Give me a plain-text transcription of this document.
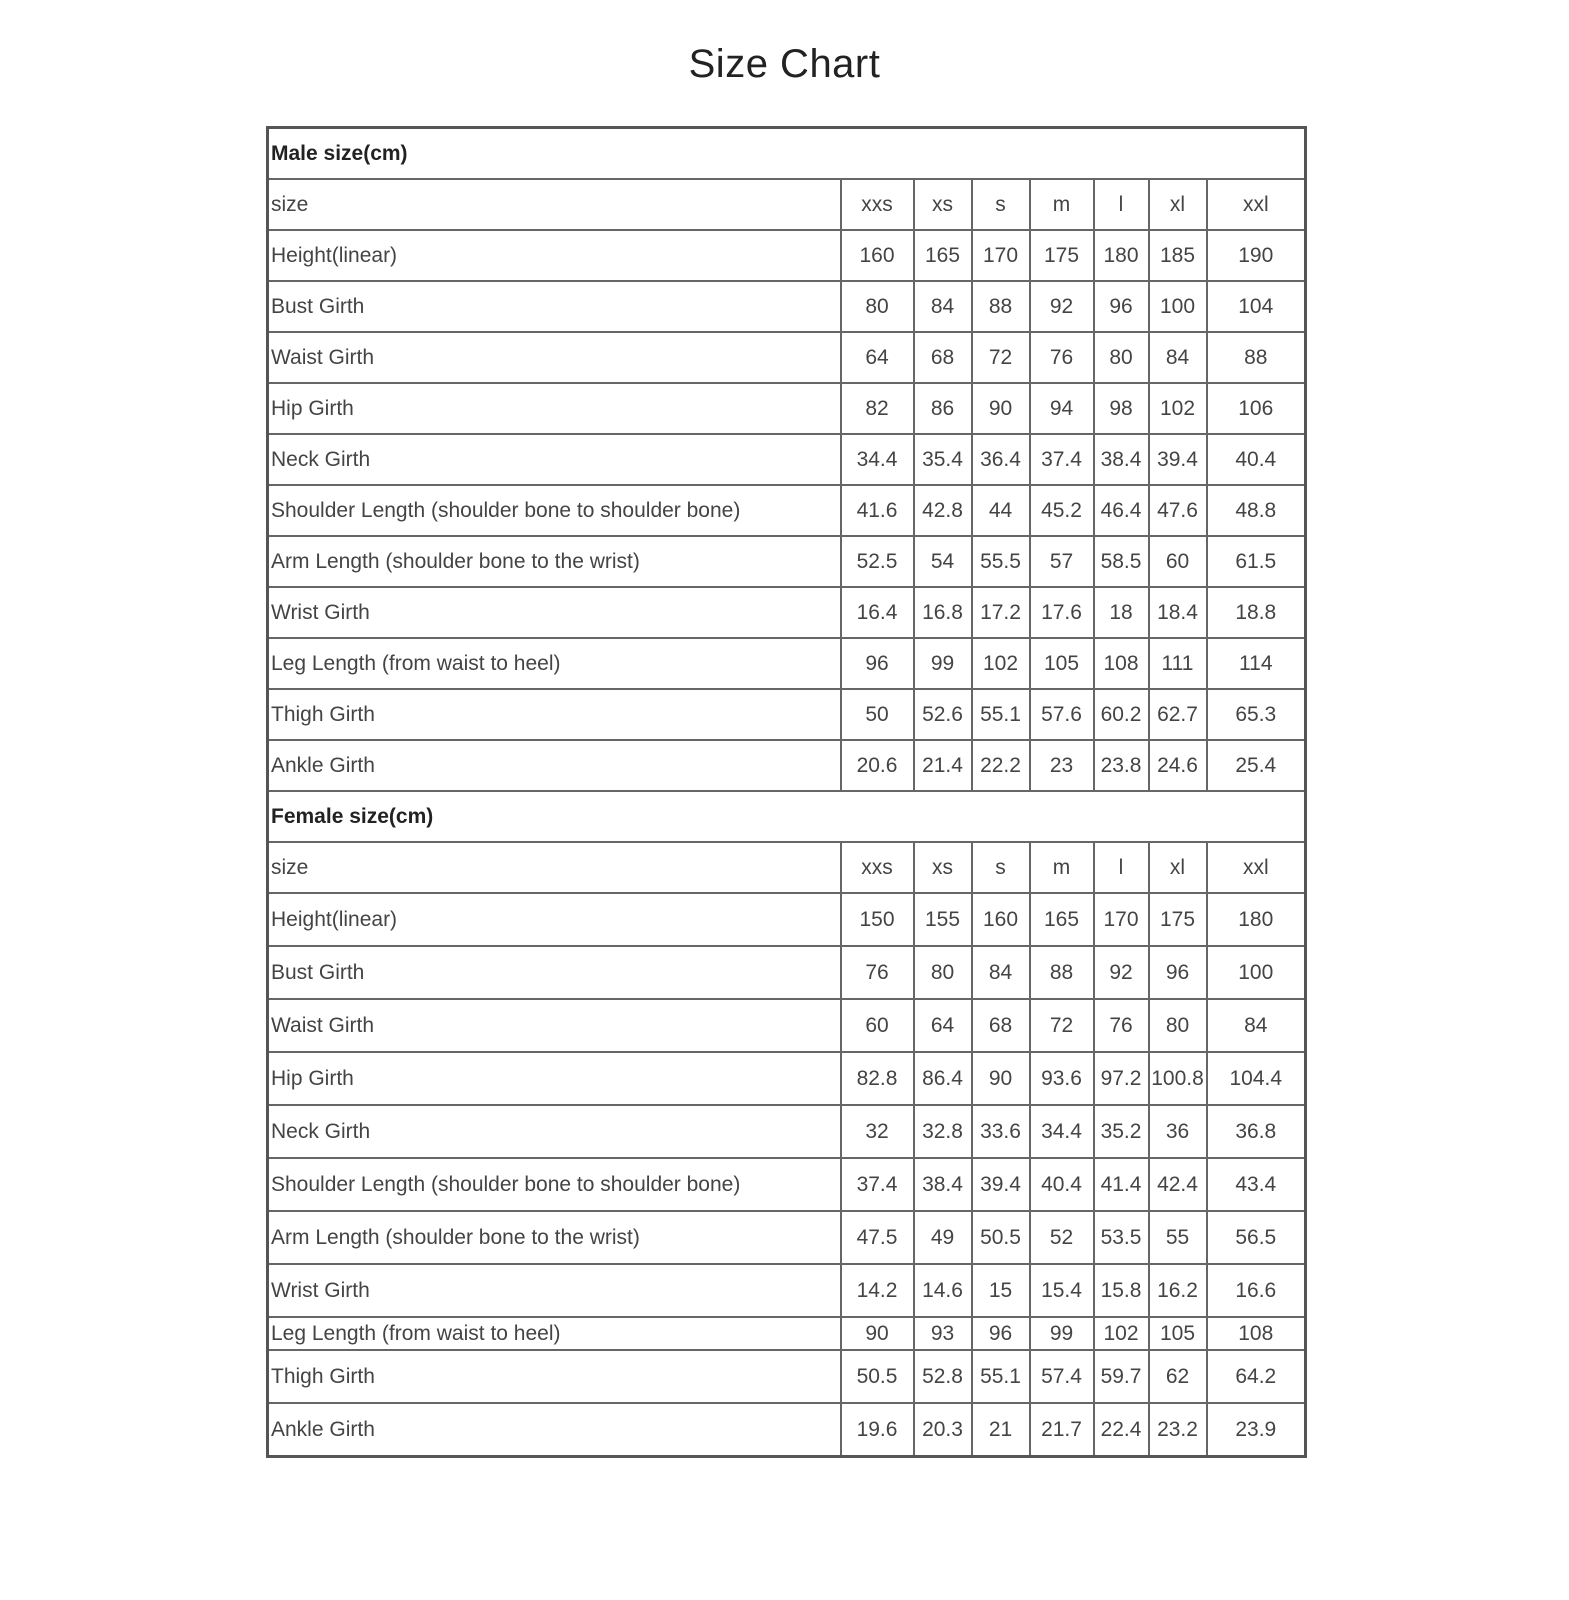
Size Chart
Male size(cm)							
size	xxs	xs	s	m	l	xl	xxl
Height(linear)	160	165	170	175	180	185	190
Bust Girth	80	84	88	92	96	100	104
Waist Girth	64	68	72	76	80	84	88
Hip Girth	82	86	90	94	98	102	106
Neck Girth	34.4	35.4	36.4	37.4	38.4	39.4	40.4
Shoulder Length (shoulder bone to shoulder bone)	41.6	42.8	44	45.2	46.4	47.6	48.8
Arm Length (shoulder bone to the wrist)	52.5	54	55.5	57	58.5	60	61.5
Wrist Girth	16.4	16.8	17.2	17.6	18	18.4	18.8
Leg Length (from waist to heel)	96	99	102	105	108	111	114
Thigh Girth	50	52.6	55.1	57.6	60.2	62.7	65.3
Ankle Girth	20.6	21.4	22.2	23	23.8	24.6	25.4
Female size(cm)							
size	xxs	xs	s	m	l	xl	xxl
Height(linear)	150	155	160	165	170	175	180
Bust Girth	76	80	84	88	92	96	100
Waist Girth	60	64	68	72	76	80	84
Hip Girth	82.8	86.4	90	93.6	97.2	100.8	104.4
Neck Girth	32	32.8	33.6	34.4	35.2	36	36.8
Shoulder Length (shoulder bone to shoulder bone)	37.4	38.4	39.4	40.4	41.4	42.4	43.4
Arm Length (shoulder bone to the wrist)	47.5	49	50.5	52	53.5	55	56.5
Wrist Girth	14.2	14.6	15	15.4	15.8	16.2	16.6
Leg Length (from waist to heel)	90	93	96	99	102	105	108
Thigh Girth	50.5	52.8	55.1	57.4	59.7	62	64.2
Ankle Girth	19.6	20.3	21	21.7	22.4	23.2	23.9
